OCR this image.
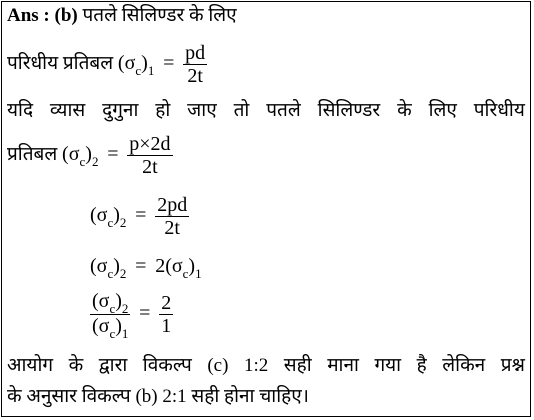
Ans : (b) पतले सिलिण्डर के लिए
परिधीय प्रतिबल $(\sigma_c)_1 = \frac{pd}{2t}$
यदि व्यास दुगुना हो जाए तो पतले सिलिण्डर के लिए परिधीय
प्रतिबल $(\sigma_c)_2 = \frac{p\times 2d}{2t}$
$(\sigma_c)_2 = \frac{2pd}{2t}$
$(\sigma_c)_2 = 2(\sigma_c)_1$
$\frac{(\sigma_c)_2}{(\sigma_c)_1} = \frac{2}{1}$
आयोग के द्वारा विकल्प (c) 1:2 सही माना गया है लेकिन प्रश्न
के अनुसार विकल्प (b) 2:1 सही होना चाहिए।
